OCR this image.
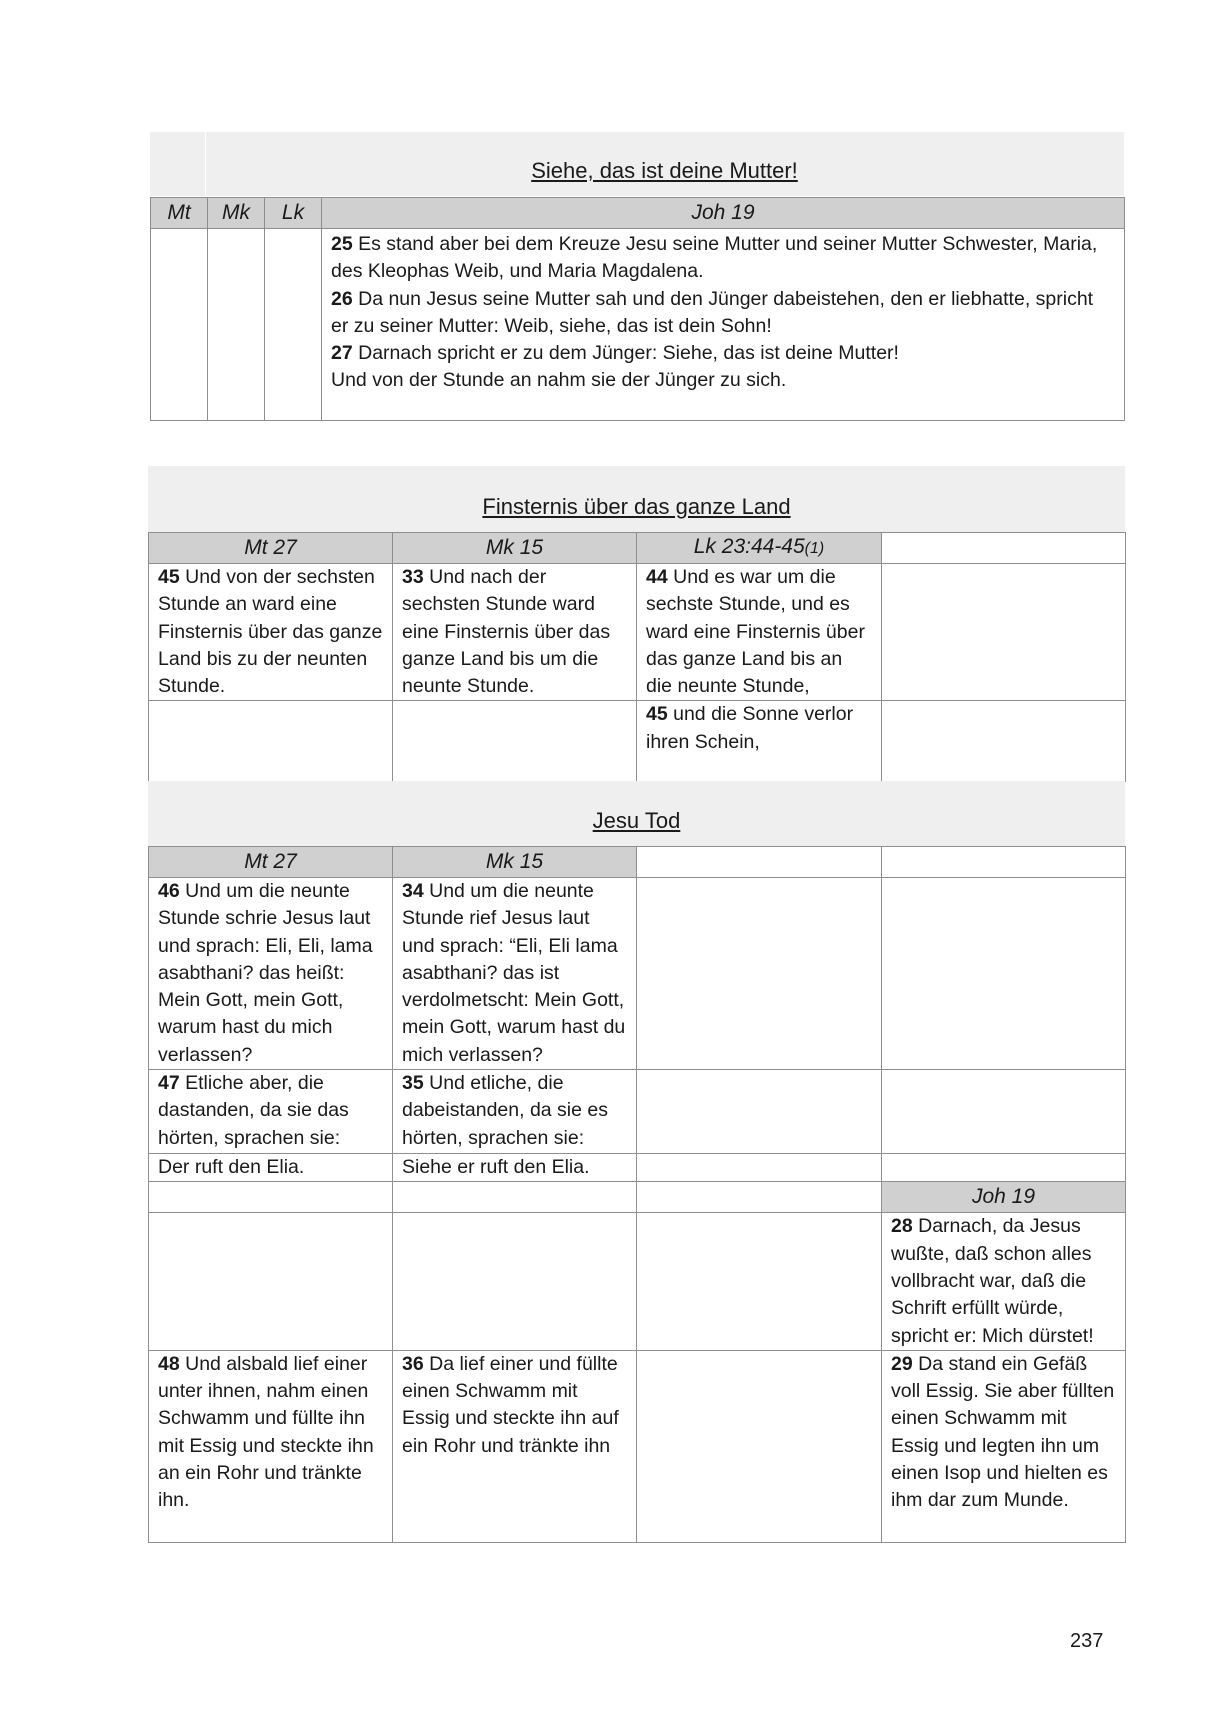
Siehe, das ist deine Mutter!
Mt	Mk	Lk	Joh 19

			25 Es stand aber bei dem Kreuze Jesu seine Mutter und seiner Mutter Schwester, Maria, des Kleophas Weib, und Maria Magdalena.
26 Da nun Jesus seine Mutter sah und den Jünger dabeistehen, den er liebhatte, spricht er zu seiner Mutter: Weib, siehe, das ist dein Sohn!
27 Darnach spricht er zu dem Jünger: Siehe, das ist deine Mutter!
Und von der Stunde an nahm sie der Jünger zu sich.
Finsternis über das ganze Land
Mt 27	Mk 15	Lk 23:44-45(1)	
45 Und von der sechsten Stunde an ward eine Finsternis über das ganze Land bis zu der neunten Stunde.	33 Und nach der sechsten Stunde ward eine Finsternis über das ganze Land bis um die neunte Stunde.	44 Und es war um die sechste Stunde, und es ward eine Finsternis über das ganze Land bis an die neunte Stunde,	
		45 und die Sonne verlor ihren Schein,	
Jesu Tod
Mt 27	Mk 15		
46 Und um die neunte Stunde schrie Jesus laut und sprach: Eli, Eli, lama asabthani? das heißt: Mein Gott, mein Gott, warum hast du mich verlassen?	34 Und um die neunte Stunde rief Jesus laut und sprach: “Eli, Eli lama asabthani? das ist verdolmetscht: Mein Gott, mein Gott, warum hast du mich verlassen?		
47 Etliche aber, die dastanden, da sie das hörten, sprachen sie:	35 Und etliche, die dabeistanden, da sie es hörten, sprachen sie:		
Der ruft den Elia.	Siehe er ruft den Elia.		
			Joh 19
			28 Darnach, da Jesus wußte, daß schon alles vollbracht war, daß die Schrift erfüllt würde, spricht er: Mich dürstet!
48 Und alsbald lief einer unter ihnen, nahm einen Schwamm und füllte ihn mit Essig und steckte ihn an ein Rohr und tränkte ihn.	36 Da lief einer und füllte einen Schwamm mit Essig und steckte ihn auf ein Rohr und tränkte ihn		29 Da stand ein Gefäß voll Essig. Sie aber füllten einen Schwamm mit Essig und legten ihn um einen Isop und hielten es ihm dar zum Munde.
237
